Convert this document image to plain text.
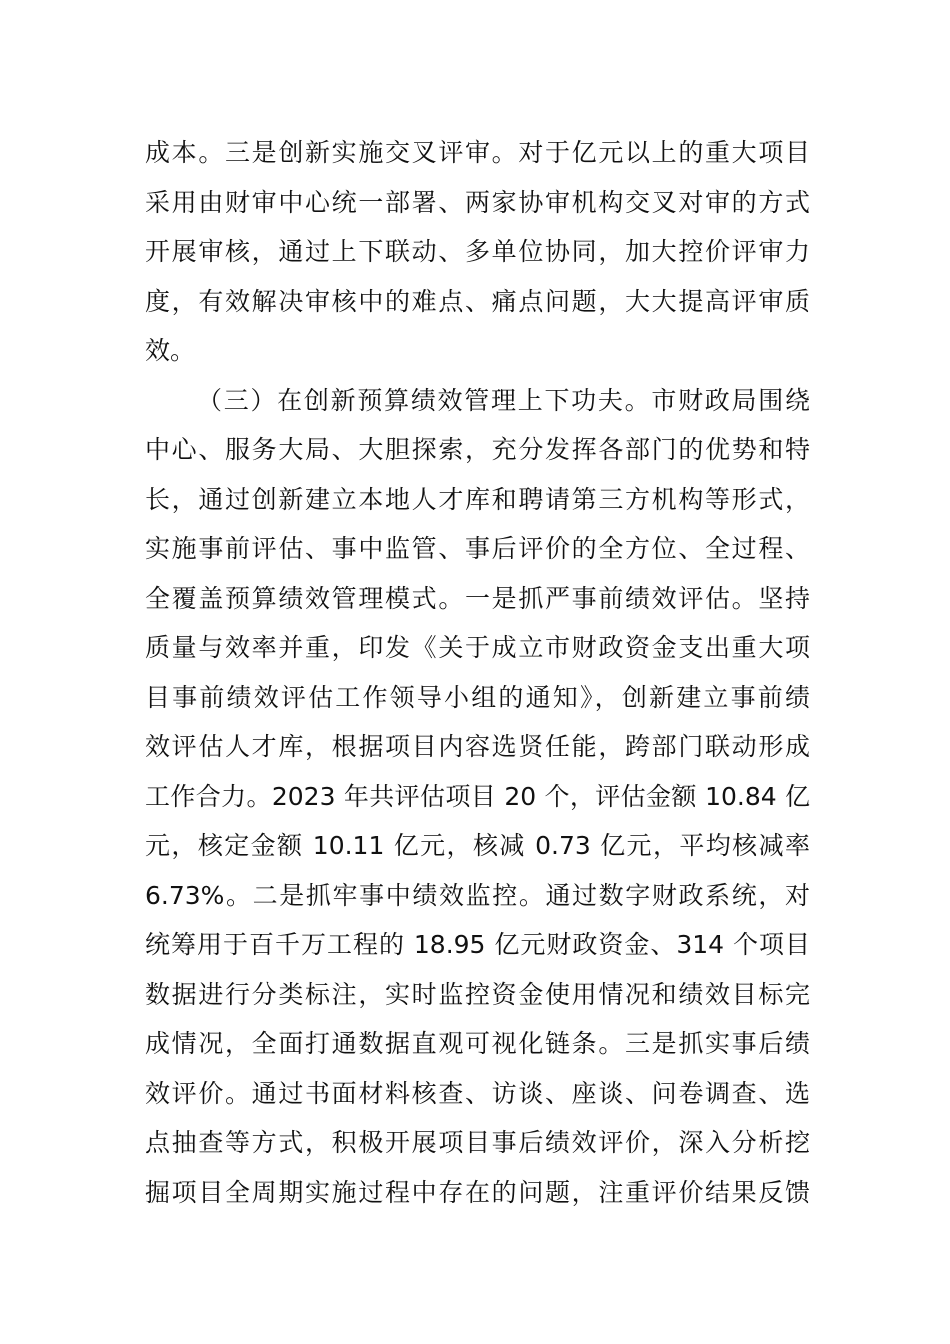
成本。三是创新实施交叉评审。对于亿元以上的重大项目
采用由财审中心统一部署、两家协审机构交叉对审的方式
开展审核，通过上下联动、多单位协同，加大控价评审力
度，有效解决审核中的难点、痛点问题，大大提高评审质
效。
（三）在创新预算绩效管理上下功夫。市财政局围绕
中心、服务大局、大胆探索，充分发挥各部门的优势和特
长，通过创新建立本地人才库和聘请第三方机构等形式，
实施事前评估、事中监管、事后评价的全方位、全过程、
全覆盖预算绩效管理模式。一是抓严事前绩效评估。坚持
质量与效率并重，印发《关于成立市财政资金支出重大项
目事前绩效评估工作领导小组的通知》，创新建立事前绩
效评估人才库，根据项目内容选贤任能，跨部门联动形成
工作合力。2023 年共评估项目 20 个，评估金额 10.84 亿
元，核定金额 10.11 亿元，核减 0.73 亿元，平均核减率
6.73%。二是抓牢事中绩效监控。通过数字财政系统，对
统筹用于百千万工程的 18.95 亿元财政资金、314 个项目
数据进行分类标注，实时监控资金使用情况和绩效目标完
成情况，全面打通数据直观可视化链条。三是抓实事后绩
效评价。通过书面材料核查、访谈、座谈、问卷调查、选
点抽查等方式，积极开展项目事后绩效评价，深入分析挖
掘项目全周期实施过程中存在的问题，注重评价结果反馈
